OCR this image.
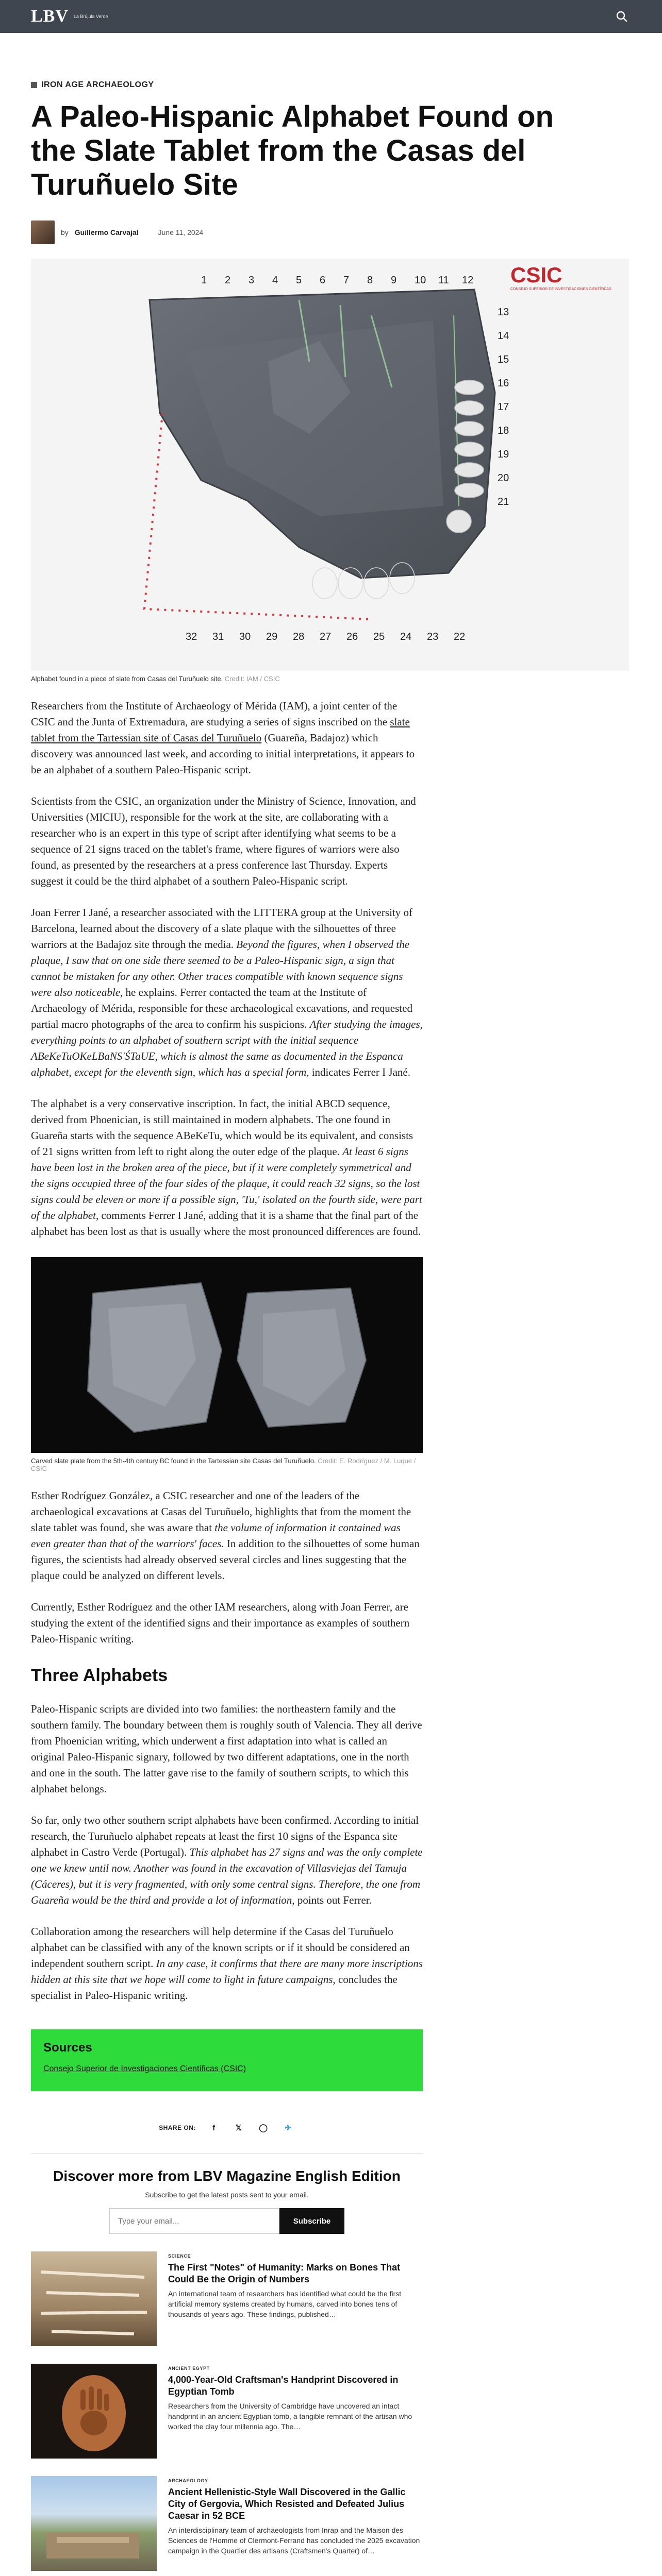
LBV La Brújula Verde
IRON AGE ARCHAEOLOGY
A Paleo-Hispanic Alphabet Found on the Slate Tablet from the Casas del Turuñuelo Site
by Guillermo Carvajal	June 11, 2024
1 2 3 4 5 6 7 8 9 10 11 12
13
14
15
16
17
18
19
20
21
32 31 30 29 28 27 26 25 24 23 22
CSIC
CONSEJO SUPERIOR DE INVESTIGACIONES CIENTÍFICAS
Alphabet found in a piece of slate from Casas del Turuñuelo site. Credit: IAM / CSIC

Researchers from the Institute of Archaeology of Mérida (IAM), a joint center of the CSIC and the Junta of Extremadura, are studying a series of signs inscribed on the slate tablet from the Tartessian site of Casas del Turuñuelo (Guareña, Badajoz) which discovery was announced last week, and according to initial interpretations, it appears to be an alphabet of a southern Paleo-Hispanic script.

Scientists from the CSIC, an organization under the Ministry of Science, Innovation, and Universities (MICIU), responsible for the work at the site, are collaborating with a researcher who is an expert in this type of script after identifying what seems to be a sequence of 21 signs traced on the tablet's frame, where figures of warriors were also found, as presented by the researchers at a press conference last Thursday. Experts suggest it could be the third alphabet of a southern Paleo-Hispanic script.

Joan Ferrer I Jané, a researcher associated with the LITTERA group at the University of Barcelona, learned about the discovery of a slate plaque with the silhouettes of three warriors at the Badajoz site through the media. Beyond the figures, when I observed the plaque, I saw that on one side there seemed to be a Paleo-Hispanic sign, a sign that cannot be mistaken for any other. Other traces compatible with known sequence signs were also noticeable, he explains. Ferrer contacted the team at the Institute of Archaeology of Mérida, responsible for these archaeological excavations, and requested partial macro photographs of the area to confirm his suspicions. After studying the images, everything points to an alphabet of southern script with the initial sequence ABeKeTuOKeLBaNS'ŚTaUE, which is almost the same as documented in the Espanca alphabet, except for the eleventh sign, which has a special form, indicates Ferrer I Jané.

The alphabet is a very conservative inscription. In fact, the initial ABCD sequence, derived from Phoenician, is still maintained in modern alphabets. The one found in Guareña starts with the sequence ABeKeTu, which would be its equivalent, and consists of 21 signs written from left to right along the outer edge of the plaque. At least 6 signs have been lost in the broken area of the piece, but if it were completely symmetrical and the signs occupied three of the four sides of the plaque, it could reach 32 signs, so the lost signs could be eleven or more if a possible sign, 'Tu,' isolated on the fourth side, were part of the alphabet, comments Ferrer I Jané, adding that it is a shame that the final part of the alphabet has been lost as that is usually where the most pronounced differences are found.

Carved slate plate from the 5th-4th century BC found in the Tartessian site Casas del Turuñuelo. Credit: E. Rodríguez / M. Luque / CSIC

Esther Rodríguez González, a CSIC researcher and one of the leaders of the archaeological excavations at Casas del Turuñuelo, highlights that from the moment the slate tablet was found, she was aware that the volume of information it contained was even greater than that of the warriors' faces. In addition to the silhouettes of some human figures, the scientists had already observed several circles and lines suggesting that the plaque could be analyzed on different levels.

Currently, Esther Rodríguez and the other IAM researchers, along with Joan Ferrer, are studying the extent of the identified signs and their importance as examples of southern Paleo-Hispanic writing.

Three Alphabets

Paleo-Hispanic scripts are divided into two families: the northeastern family and the southern family. The boundary between them is roughly south of Valencia. They all derive from Phoenician writing, which underwent a first adaptation into what is called an original Paleo-Hispanic signary, followed by two different adaptations, one in the north and one in the south. The latter gave rise to the family of southern scripts, to which this alphabet belongs.

So far, only two other southern script alphabets have been confirmed. According to initial research, the Turuñuelo alphabet repeats at least the first 10 signs of the Espanca site alphabet in Castro Verde (Portugal). This alphabet has 27 signs and was the only complete one we knew until now. Another was found in the excavation of Villasviejas del Tamuja (Cáceres), but it is very fragmented, with only some central signs. Therefore, the one from Guareña would be the third and provide a lot of information, points out Ferrer.

Collaboration among the researchers will help determine if the Casas del Turuñuelo alphabet can be classified with any of the known scripts or if it should be considered an independent southern script. In any case, it confirms that there are many more inscriptions hidden at this site that we hope will come to light in future campaigns, concludes the specialist in Paleo-Hispanic writing.

Sources
Consejo Superior de Investigaciones Científicas (CSIC)
SHARE ON:	f	𝕏	◯	✈
Discover more from LBV Magazine English Edition
Subscribe to get the latest posts sent to your email.
Type your email...
Subscribe
SCIENCE
The First "Notes" of Humanity: Marks on Bones That Could Be the Origin of Numbers
An international team of researchers has identified what could be the first artificial memory systems created by humans, carved into bones tens of thousands of years ago. These findings, published…
ANCIENT EGYPT
4,000-Year-Old Craftsman's Handprint Discovered in Egyptian Tomb
Researchers from the University of Cambridge have uncovered an intact handprint in an ancient Egyptian tomb, a tangible remnant of the artisan who worked the clay four millennia ago. The…
ARCHAEOLOGY
Ancient Hellenistic-Style Wall Discovered in the Gallic City of Gergovia, Which Resisted and Defeated Julius Caesar in 52 BCE
An interdisciplinary team of archaeologists from Inrap and the Maison des Sciences de l'Homme of Clermont-Ferrand has concluded the 2025 excavation campaign in the Quartier des artisans (Craftsmen's Quarter) of…
